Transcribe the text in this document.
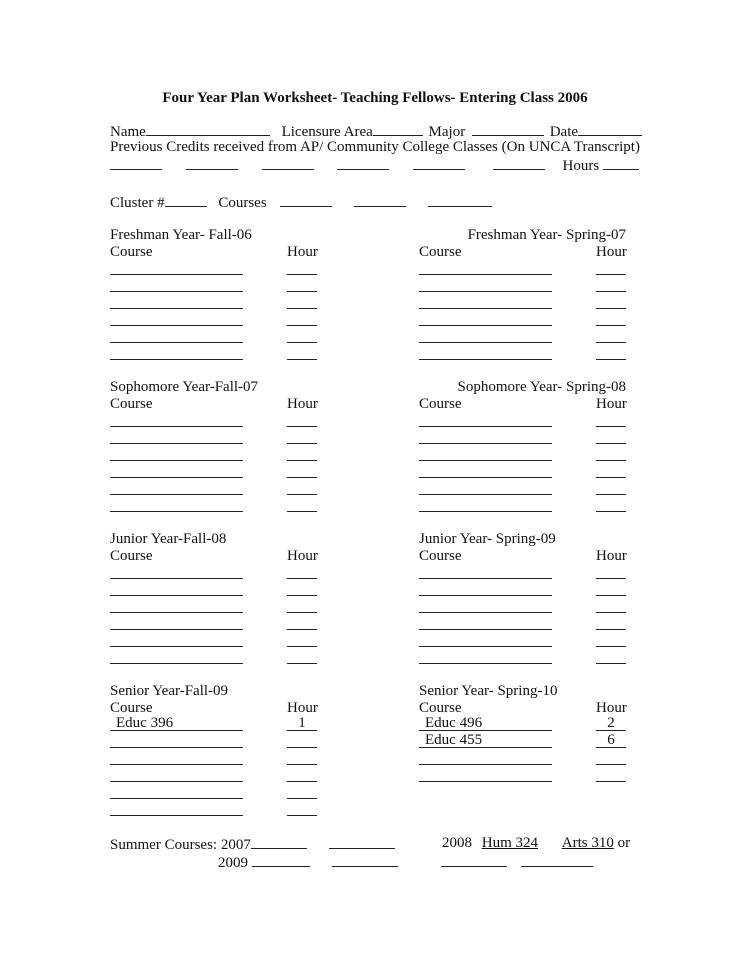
Four Year Plan Worksheet- Teaching Fellows- Entering Class 2006
Name	Licensure Area	Major	Date
Previous Credits received from AP/ Community College Classes (On UNCA Transcript)
Hours
Cluster #	Courses
Freshman Year- Fall-06
Course	Hour
Freshman Year- Spring-07
Course	Hour
Sophomore Year-Fall-07
Course	Hour
Sophomore Year- Spring-08
Course	Hour
Junior Year-Fall-08
Course	Hour
Junior Year- Spring-09
Course	Hour
Senior Year-Fall-09
Course	Hour
Educ 396	1
Senior Year- Spring-10
Course	Hour
Educ 496	2
Educ 455	6
Summer Courses: 2007	2008 Hum 324 Arts 310 or
2009
